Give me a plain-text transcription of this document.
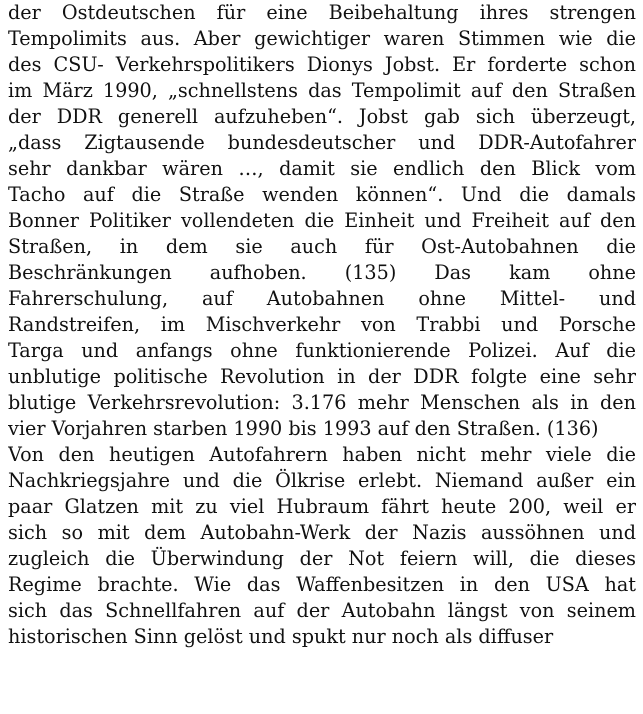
der Ostdeutschen für eine Beibehaltung ihres strengen
Tempolimits aus. Aber gewichtiger waren Stimmen wie die
des CSU- Verkehrspolitikers Dionys Jobst. Er forderte schon
im März 1990, „schnellstens das Tempolimit auf den Straßen
der DDR generell aufzuheben“. Jobst gab sich überzeugt,
„dass Zigtausende bundesdeutscher und DDR-Autofahrer
sehr dankbar wären …, damit sie endlich den Blick vom
Tacho auf die Straße wenden können“. Und die damals
Bonner Politiker vollendeten die Einheit und Freiheit auf den
Straßen, in dem sie auch für Ost-Autobahnen die
Beschränkungen aufhoben. (135) Das kam ohne
Fahrerschulung, auf Autobahnen ohne Mittel- und
Randstreifen, im Mischverkehr von Trabbi und Porsche
Targa und anfangs ohne funktionierende Polizei. Auf die
unblutige politische Revolution in der DDR folgte eine sehr
blutige Verkehrsrevolution: 3.176 mehr Menschen als in den
vier Vorjahren starben 1990 bis 1993 auf den Straßen. (136)
Von den heutigen Autofahrern haben nicht mehr viele die
Nachkriegsjahre und die Ölkrise erlebt. Niemand außer ein
paar Glatzen mit zu viel Hubraum fährt heute 200, weil er
sich so mit dem Autobahn-Werk der Nazis aussöhnen und
zugleich die Überwindung der Not feiern will, die dieses
Regime brachte. Wie das Waffenbesitzen in den USA hat
sich das Schnellfahren auf der Autobahn längst von seinem
historischen Sinn gelöst und spukt nur noch als diffuser
